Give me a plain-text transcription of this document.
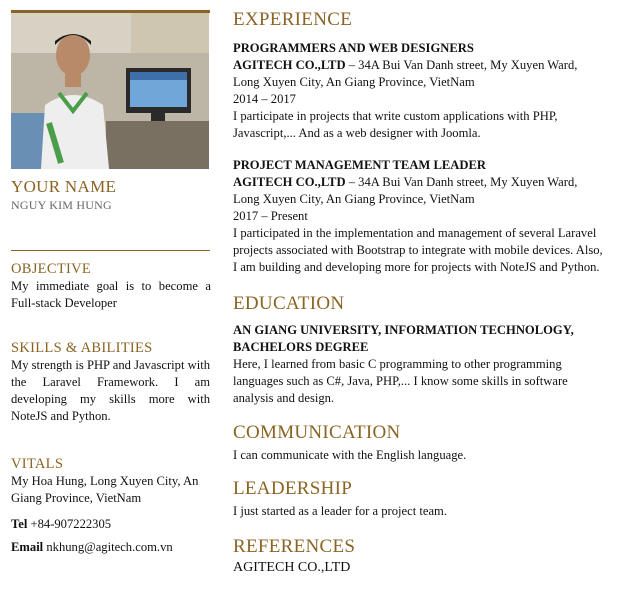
YOUR NAME
NGUY KIM HUNG
OBJECTIVE
My immediate goal is to become a Full-stack Developer
SKILLS & ABILITIES
My strength is PHP and Javascript with the Laravel Framework. I am developing my skills more with NoteJS and Python.
VITALS
My Hoa Hung, Long Xuyen City, An Giang Province, VietNam
Tel +84-907222305
Email nkhung@agitech.com.vn
EXPERIENCE
PROGRAMMERS AND WEB DESIGNERS
AGITECH CO.,LTD – 34A Bui Van Danh street, My Xuyen Ward, Long Xuyen City, An Giang Province, VietNam
2014 – 2017
I participate in projects that write custom applications with PHP, Javascript,... And as a web designer with Joomla.
PROJECT MANAGEMENT TEAM LEADER
AGITECH CO.,LTD – 34A Bui Van Danh street, My Xuyen Ward, Long Xuyen City, An Giang Province, VietNam
2017 – Present
I participated in the implementation and management of several Laravel projects associated with Bootstrap to integrate with mobile devices. Also, I am building and developing more for projects with NoteJS and Python.
EDUCATION
AN GIANG UNIVERSITY, INFORMATION TECHNOLOGY, BACHELORS DEGREE
Here, I learned from basic C programming to other programming languages such as C#, Java, PHP,... I know some skills in software analysis and design.
COMMUNICATION
I can communicate with the English language.
LEADERSHIP
I just started as a leader for a project team.
REFERENCES
AGITECH CO.,LTD
